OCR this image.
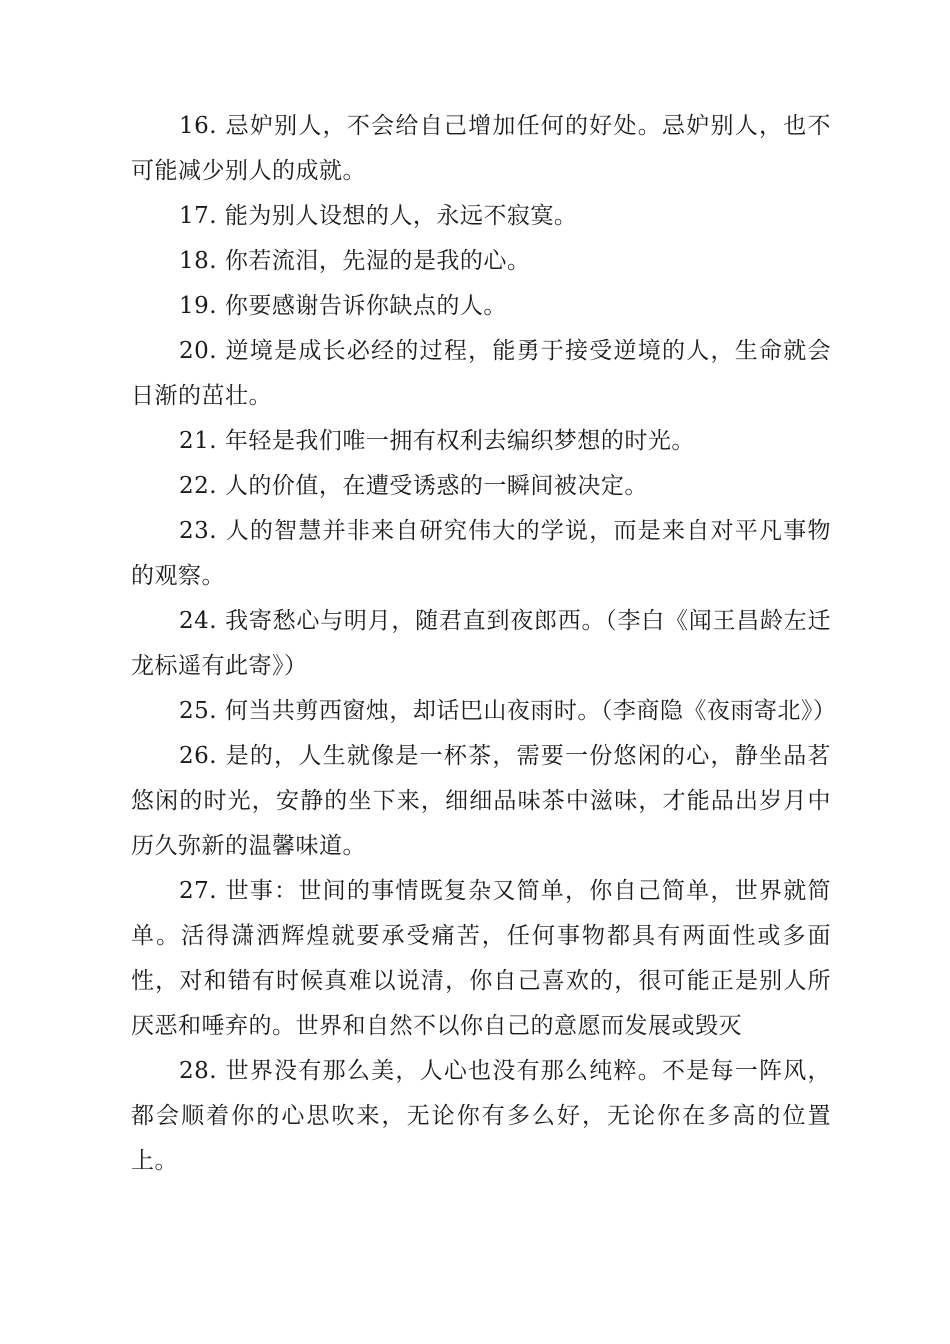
16. 忌妒别人，不会给自己增加任何的好处。忌妒别人，也不可能减少别人的成就。

17. 能为别人设想的人，永远不寂寞。

18. 你若流泪，先湿的是我的心。

19. 你要感谢告诉你缺点的人。

20. 逆境是成长必经的过程，能勇于接受逆境的人，生命就会日渐的茁壮。

21. 年轻是我们唯一拥有权利去编织梦想的时光。

22. 人的价值，在遭受诱惑的一瞬间被决定。

23. 人的智慧并非来自研究伟大的学说，而是来自对平凡事物的观察。

24. 我寄愁心与明月，随君直到夜郎西。（李白《闻王昌龄左迁龙标遥有此寄》）

25. 何当共剪西窗烛，却话巴山夜雨时。（李商隐《夜雨寄北》）

26. 是的，人生就像是一杯茶，需要一份悠闲的心，静坐品茗悠闲的时光，安静的坐下来，细细品味茶中滋味，才能品出岁月中历久弥新的温馨味道。

27. 世事：世间的事情既复杂又简单，你自己简单，世界就简单。活得潇洒辉煌就要承受痛苦，任何事物都具有两面性或多面性，对和错有时候真难以说清，你自己喜欢的，很可能正是别人所厌恶和唾弃的。世界和自然不以你自己的意愿而发展或毁灭

28. 世界没有那么美，人心也没有那么纯粹。不是每一阵风，都会顺着你的心思吹来，无论你有多么好，无论你在多高的位置上。
